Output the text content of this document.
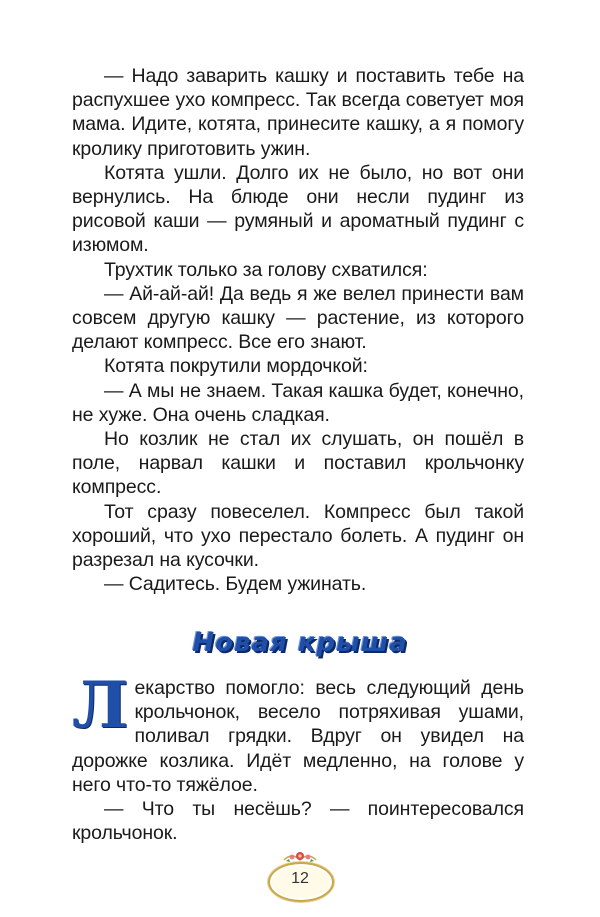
— Надо заварить кашку и поставить тебе на распухшее ухо компресс. Так всегда советует моя мама. Идите, котята, принесите кашку, а я помогу кролику приготовить ужин.

Котята ушли. Долго их не было, но вот они вернулись. На блюде они несли пудинг из рисовой каши — румяный и ароматный пудинг с изюмом.

Трухтик только за голову схватился:

— Ай-ай-ай! Да ведь я же велел принести вам совсем другую кашку — растение, из которого делают компресс. Все его знают.

Котята покрутили мордочкой:

— А мы не знаем. Такая кашка будет, конечно, не хуже. Она очень сладкая.

Но козлик не стал их слушать, он пошёл в поле, нарвал кашки и поставил крольчонку компресс.

Тот сразу повеселел. Компресс был такой хороший, что ухо перестало болеть. А пудинг он разрезал на кусочки.

— Садитесь. Будем ужинать.

Новая крыша

Лекарство помогло: весь следующий день крольчонок, весело потряхивая ушами, поливал грядки. Вдруг он увидел на дорожке козлика. Идёт медленно, на голове у него что-то тяжёлое.

— Что ты несёшь? — поинтересовался крольчонок.

12
